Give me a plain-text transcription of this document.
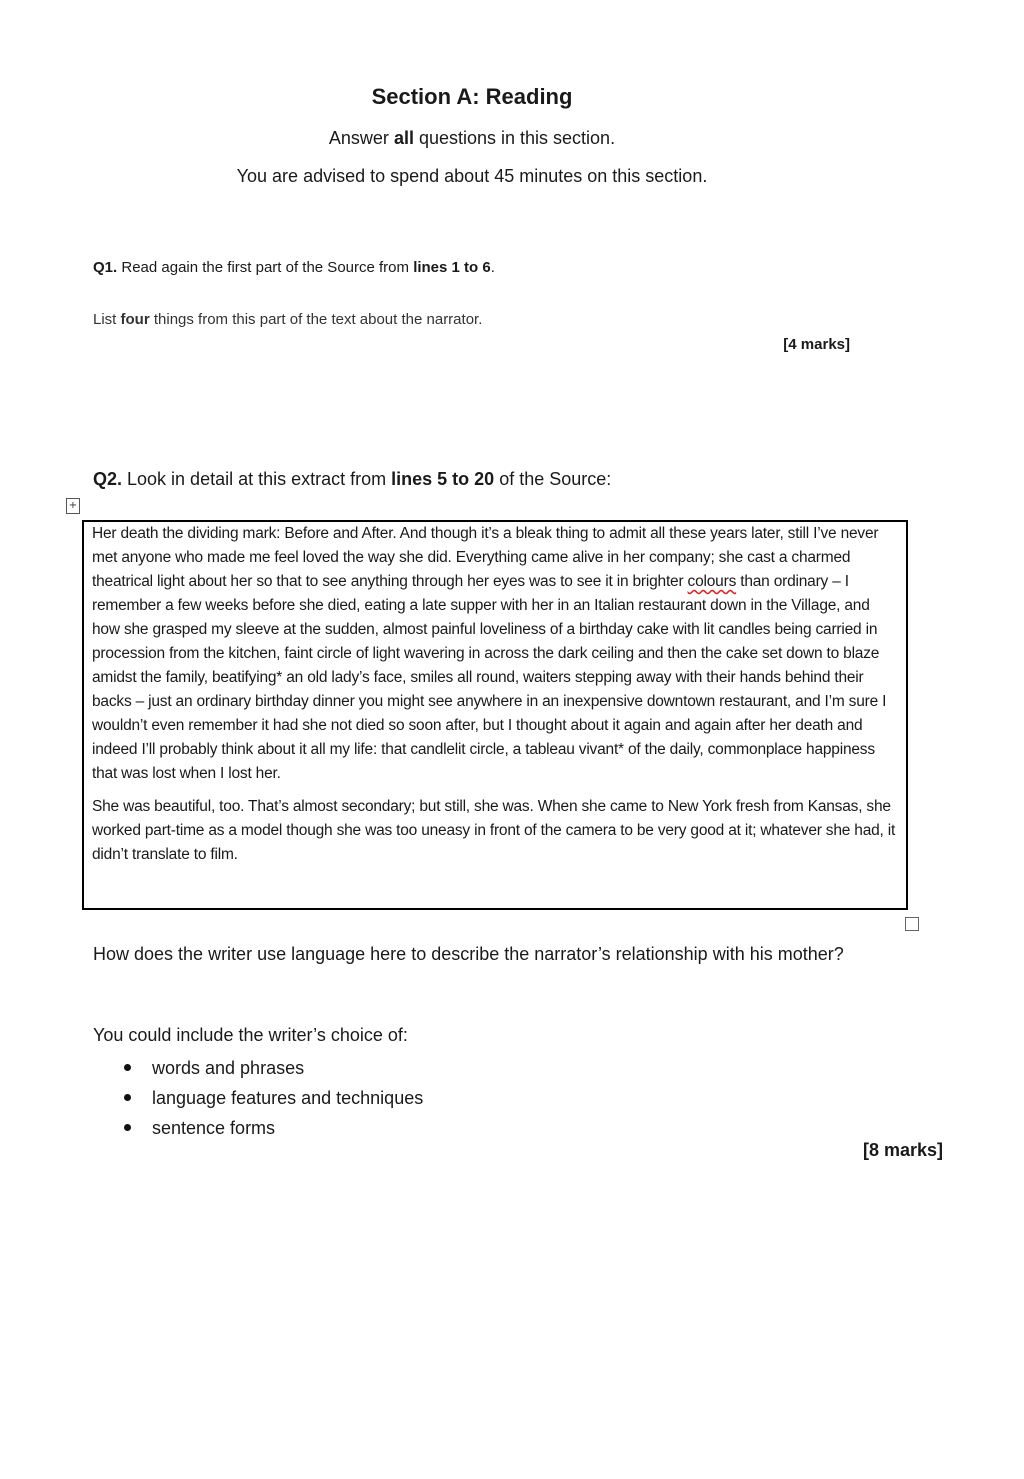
Section A: Reading
Answer all questions in this section.
You are advised to spend about 45 minutes on this section.
Q1. Read again the first part of the Source from lines 1 to 6.
List four things from this part of the text about the narrator.
[4 marks]
Q2. Look in detail at this extract from lines 5 to 20 of the Source:
+

Her death the dividing mark: Before and After. And though it’s a bleak thing to admit all these years later, still I’ve never met anyone who made me feel loved the way she did. Everything came alive in her company; she cast a charmed theatrical light about her so that to see anything through her eyes was to see it in brighter colours than ordinary – I remember a few weeks before she died, eating a late supper with her in an Italian restaurant down in the Village, and how she grasped my sleeve at the sudden, almost painful loveliness of a birthday cake with lit candles being carried in procession from the kitchen, faint circle of light wavering in across the dark ceiling and then the cake set down to blaze amidst the family, beatifying* an old lady’s face, smiles all round, waiters stepping away with their hands behind their backs – just an ordinary birthday dinner you might see anywhere in an inexpensive downtown restaurant, and I’m sure I wouldn’t even remember it had she not died so soon after, but I thought about it again and again after her death and indeed I’ll probably think about it all my life: that candlelit circle, a tableau vivant* of the daily, commonplace happiness that was lost when I lost her.

She was beautiful, too. That’s almost secondary; but still, she was. When she came to New York fresh from Kansas, she worked part-time as a model though she was too uneasy in front of the camera to be very good at it; whatever she had, it didn’t translate to film.

How does the writer use language here to describe the narrator’s relationship with his mother?
You could include the writer’s choice of:
words and phrases
language features and techniques
sentence forms
[8 marks]
